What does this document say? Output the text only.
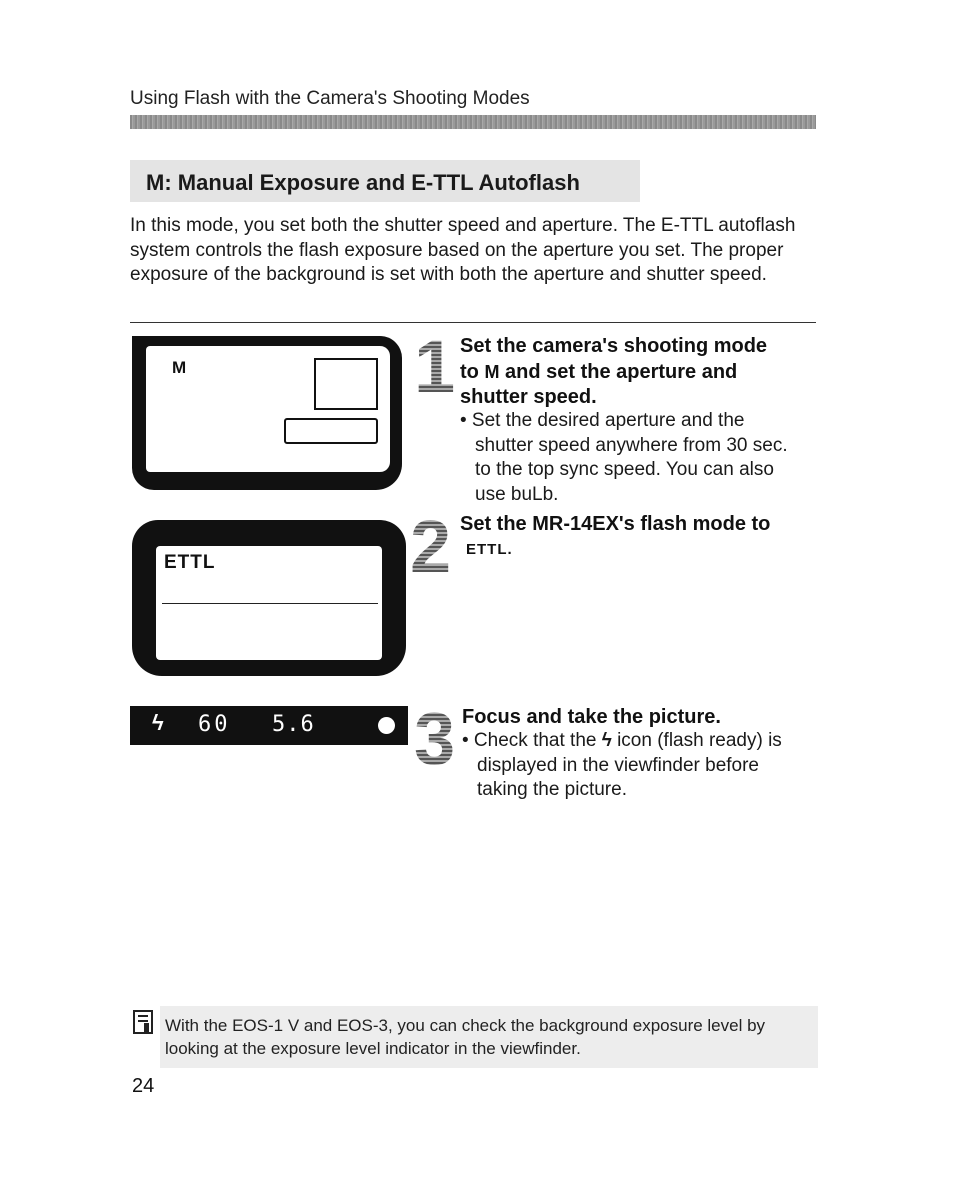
Using Flash with the Camera's Shooting Modes
M: Manual Exposure and E-TTL Autoflash
In this mode, you set both the shutter speed and aperture. The E-TTL autoflash system controls the flash exposure based on the aperture you set. The proper exposure of the background is set with both the aperture and shutter speed.
M
ETTL
ϟ 60 5.6
1 Set the camera's shooting mode
to M and set the aperture and
shutter speed.
• Set the desired aperture and the
shutter speed anywhere from 30 sec.
to the top sync speed. You can also
use buLb.
2 Set the MR-14EX's flash mode to
ETTL.
3 Focus and take the picture.
• Check that the ϟ icon (flash ready) is
displayed in the viewfinder before
taking the picture.
With the EOS-1 V and EOS-3, you can check the background exposure level by looking at the exposure level indicator in the viewfinder.
24
